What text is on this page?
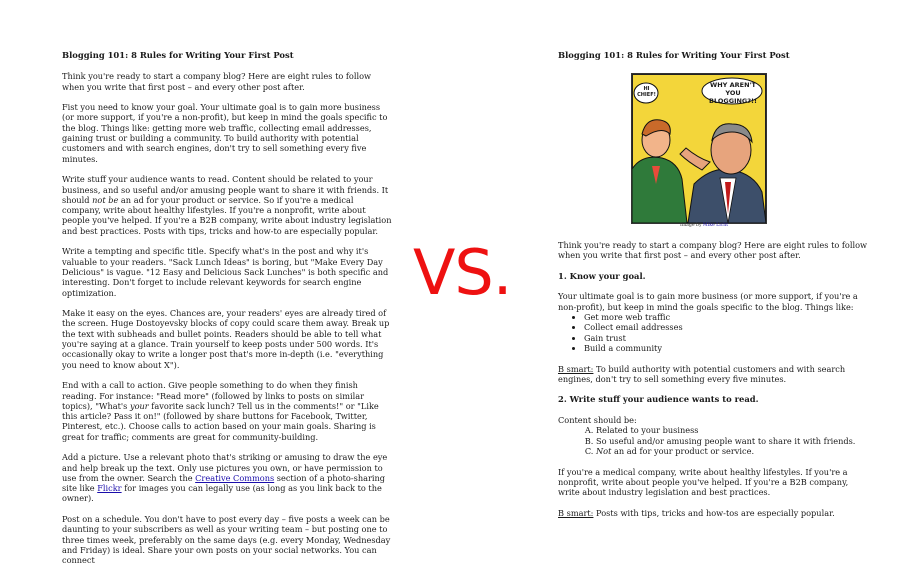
Blogging 101: 8 Rules for Writing Your First Post

Think you're ready to start a company blog? Here are eight rules to follow when you write that first post – and every other post after.

Fist you need to know your goal. Your ultimate goal is to gain more business (or more support, if you're a non-profit), but keep in mind the goals specific to the blog. Things like: getting more web traffic, collecting email addresses, gaining trust or building a community. To build authority with potential customers and with search engines, don't try to sell something every five minutes.

Write stuff your audience wants to read. Content should be related to your business, and so useful and/or amusing people want to share it with friends. It should not be an ad for your product or service. So if you're a medical company, write about healthy lifestyles. If you're a nonprofit, write about people you've helped. If you're a B2B company, write about industry legislation and best practices. Posts with tips, tricks and how-to are especially popular.

Write a tempting and specific title. Specify what's in the post and why it's valuable to your readers. "Sack Lunch Ideas" is boring, but "Make Every Day Delicious" is vague. "12 Easy and Delicious Sack Lunches" is both specific and interesting. Don't forget to include relevant keywords for search engine optimization.

Make it easy on the eyes. Chances are, your readers' eyes are already tired of the screen. Huge Dostoyevsky blocks of copy could scare them away. Break up the text with subheads and bullet points. Readers should be able to tell what you're saying at a glance. Train yourself to keep posts under 500 words. It's occasionally okay to write a longer post that's more in-depth (i.e. "everything you need to know about X").

End with a call to action. Give people something to do when they finish reading. For instance: "Read more" (followed by links to posts on similar topics), "What's your favorite sack lunch? Tell us in the comments!" or "Like this article? Pass it on!" (followed by share buttons for Facebook, Twitter, Pinterest, etc.). Choose calls to action based on your main goals. Sharing is great for traffic; comments are great for community-building.

Add a picture. Use a relevant photo that's striking or amusing to draw the eye and help break up the text. Only use pictures you own, or have permission to use from the owner. Search the Creative Commons section of a photo-sharing site like Flickr for images you can legally use (as long as you link back to the owner).

Post on a schedule. You don't have to post every day – five posts a week can be daunting to your subscribers as well as your writing team – but posting one to three times week, preferably on the same days (e.g. every Monday, Wednesday and Friday) is ideal. Share your own posts on your social networks. You can connect

VS.
Blogging 101: 8 Rules for Writing Your First Post
WHY AREN'T YOU BLOGGING?!!
HI CHIEF!
Image by Mike Licht

Think you're ready to start a company blog? Here are eight rules to follow when you write that first post – and every other post after.

1. Know your goal.

Your ultimate goal is to gain more business (or more support, if you're a non-profit), but keep in mind the goals specific to the blog. Things like:

• Get more web traffic
• Collect email addresses
• Gain trust
• Build a community

B smart: To build authority with potential customers and with search engines, don't try to sell something every five minutes.

2. Write stuff your audience wants to read.

Content should be:

A. Related to your business
B. So useful and/or amusing people want to share it with friends.
C. Not an ad for your product or service.

If you're a medical company, write about healthy lifestyles. If you're a nonprofit, write about people you've helped. If you're a B2B company, write about industry legislation and best practices.

B smart: Posts with tips, tricks and how-tos are especially popular.
